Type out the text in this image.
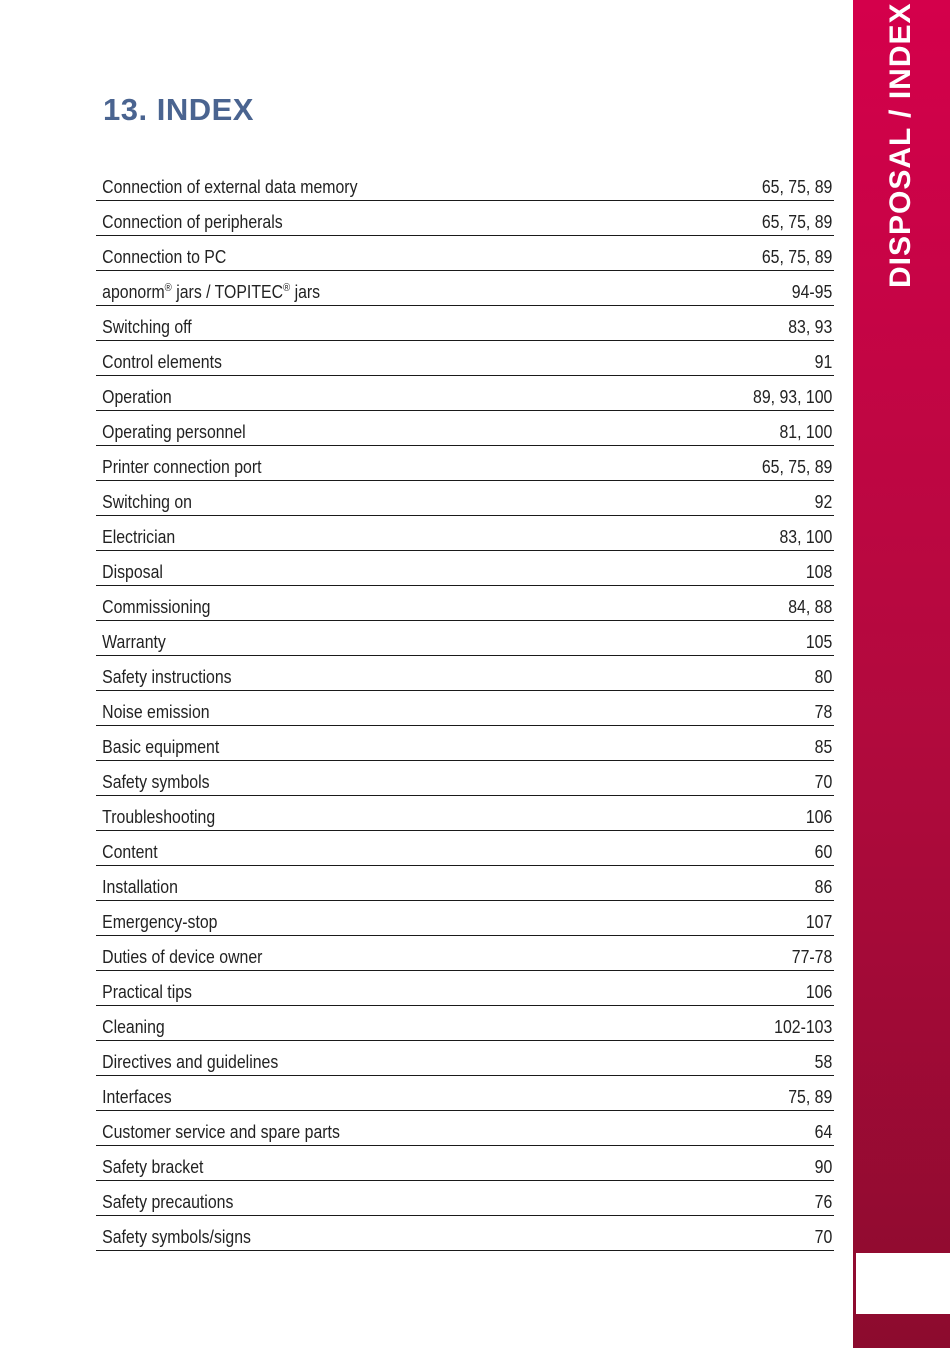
13. INDEX
Connection of external data memory	65, 75, 89
Connection of peripherals	65, 75, 89
Connection to PC	65, 75, 89
aponorm® jars / TOPITEC® jars	94-95
Switching off	83, 93
Control elements	91
Operation	89, 93, 100
Operating personnel	81, 100
Printer connection port	65, 75, 89
Switching on	92
Electrician	83, 100
Disposal	108
Commissioning	84, 88
Warranty	105
Safety instructions	80
Noise emission	78
Basic equipment	85
Safety symbols	70
Troubleshooting	106
Content	60
Installation	86
Emergency-stop	107
Duties of device owner	77-78
Practical tips	106
Cleaning	102-103
Directives and guidelines	58
Interfaces	75, 89
Customer service and spare parts	64
Safety bracket	90
Safety precautions	76
Safety symbols/signs	70
DISPOSAL / INDEX
